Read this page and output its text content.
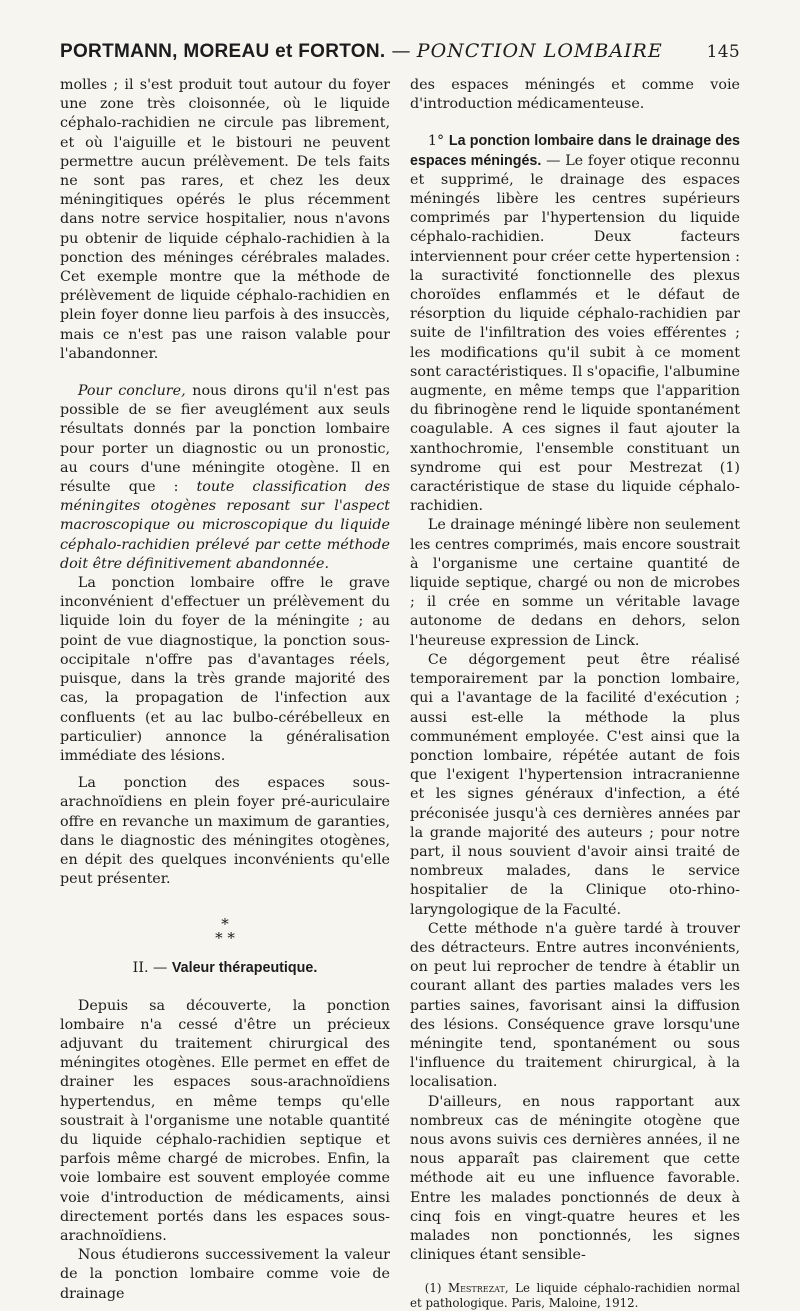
PORTMANN, MOREAU et FORTON. — PONCTION LOMBAIRE	145

molles ; il s'est produit tout autour du foyer une zone très cloisonnée, où le liquide céphalo-rachidien ne circule pas librement, et où l'aiguille et le bistouri ne peuvent permettre aucun prélèvement. De tels faits ne sont pas rares, et chez les deux méningitiques opérés le plus récemment dans notre service hospitalier, nous n'avons pu obtenir de liquide céphalo-rachidien à la ponction des méninges cérébrales malades. Cet exemple montre que la méthode de prélèvement de liquide céphalo-rachidien en plein foyer donne lieu parfois à des insuccès, mais ce n'est pas une raison valable pour l'abandonner.

Pour conclure, nous dirons qu'il n'est pas possible de se fier aveuglément aux seuls résultats donnés par la ponction lombaire pour porter un diagnostic ou un pronostic, au cours d'une méningite otogène. Il en résulte que : toute classification des méningites otogènes reposant sur l'aspect macroscopique ou microscopique du liquide céphalo-rachidien prélevé par cette méthode doit être définitivement abandonnée.

La ponction lombaire offre le grave inconvénient d'effectuer un prélèvement du liquide loin du foyer de la méningite ; au point de vue diagnostique, la ponction sous-occipitale n'offre pas d'avantages réels, puisque, dans la très grande majorité des cas, la propagation de l'infection aux confluents (et au lac bulbo-cérébelleux en particulier) annonce la généralisation immédiate des lésions.

La ponction des espaces sous-arachnoïdiens en plein foyer pré-auriculaire offre en revanche un maximum de garanties, dans le diagnostic des méningites otogènes, en dépit des quelques inconvénients qu'elle peut présenter.

*
* *
II. — Valeur thérapeutique.

Depuis sa découverte, la ponction lombaire n'a cessé d'être un précieux adjuvant du traitement chirurgical des méningites otogènes. Elle permet en effet de drainer les espaces sous-arachnoïdiens hypertendus, en même temps qu'elle soustrait à l'organisme une notable quantité du liquide céphalo-rachidien septique et parfois même chargé de microbes. Enfin, la voie lombaire est souvent employée comme voie d'introduction de médicaments, ainsi directement portés dans les espaces sous-arachnoïdiens.

Nous étudierons successivement la valeur de la ponction lombaire comme voie de drainage

des espaces méningés et comme voie d'introduction médicamenteuse.

1° La ponction lombaire dans le drainage des espaces méningés. — Le foyer otique reconnu et supprimé, le drainage des espaces méningés libère les centres supérieurs comprimés par l'hypertension du liquide céphalo-rachidien. Deux facteurs interviennent pour créer cette hypertension : la suractivité fonctionnelle des plexus choroïdes enflammés et le défaut de résorption du liquide céphalo-rachidien par suite de l'infiltration des voies efférentes ; les modifications qu'il subit à ce moment sont caractéristiques. Il s'opacifie, l'albumine augmente, en même temps que l'apparition du fibrinogène rend le liquide spontanément coagulable. A ces signes il faut ajouter la xanthochromie, l'ensemble constituant un syndrome qui est pour Mestrezat (1) caractéristique de stase du liquide céphalo-rachidien.

Le drainage méningé libère non seulement les centres comprimés, mais encore soustrait à l'organisme une certaine quantité de liquide septique, chargé ou non de microbes ; il crée en somme un véritable lavage autonome de dedans en dehors, selon l'heureuse expression de Linck.

Ce dégorgement peut être réalisé temporairement par la ponction lombaire, qui a l'avantage de la facilité d'exécution ; aussi est-elle la méthode la plus communément employée. C'est ainsi que la ponction lombaire, répétée autant de fois que l'exigent l'hypertension intracranienne et les signes généraux d'infection, a été préconisée jusqu'à ces dernières années par la grande majorité des auteurs ; pour notre part, il nous souvient d'avoir ainsi traité de nombreux malades, dans le service hospitalier de la Clinique oto-rhino-laryngologique de la Faculté.

Cette méthode n'a guère tardé à trouver des détracteurs. Entre autres inconvénients, on peut lui reprocher de tendre à établir un courant allant des parties malades vers les parties saines, favorisant ainsi la diffusion des lésions. Conséquence grave lorsqu'une méningite tend, spontanément ou sous l'influence du traitement chirurgical, à la localisation.

D'ailleurs, en nous rapportant aux nombreux cas de méningite otogène que nous avons suivis ces dernières années, il ne nous apparaît pas clairement que cette méthode ait eu une influence favorable. Entre les malades ponctionnés de deux à cinq fois en vingt-quatre heures et les malades non ponctionnés, les signes cliniques étant sensible-

(1) Mestrezat, Le liquide céphalo-rachidien normal et pathologique. Paris, Maloine, 1912.
